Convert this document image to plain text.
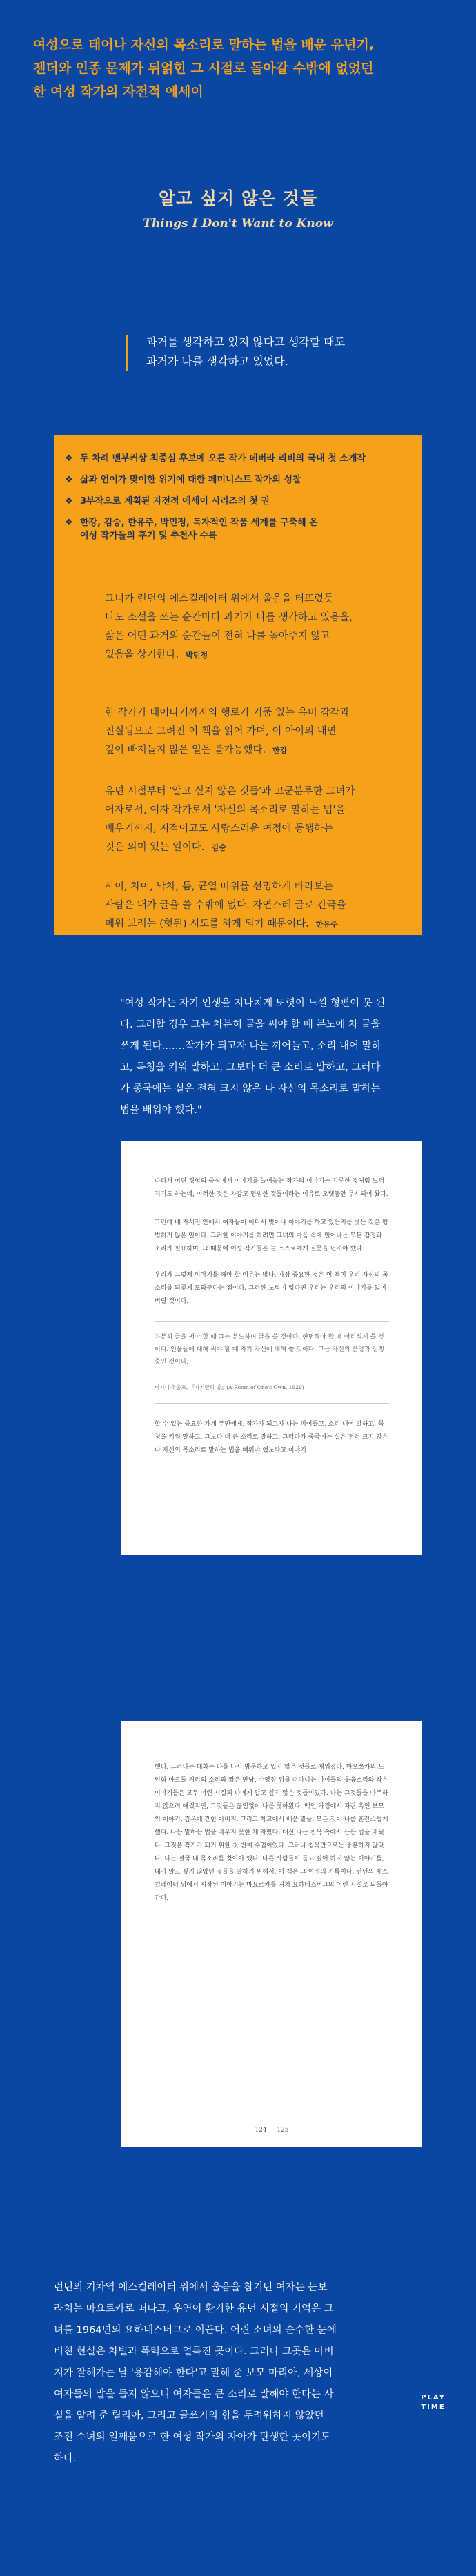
여성으로 태어나 자신의 목소리로 말하는 법을 배운 유년기,
젠더와 인종 문제가 뒤얽힌 그 시절로 돌아갈 수밖에 없었던
한 여성 작가의 자전적 에세이

알고 싶지 않은 것들
Things I Don't Want to Know

과거를 생각하고 있지 않다고 생각할 때도
과거가 나를 생각하고 있었다.

❖ 두 차례 맨부커상 최종심 후보에 오른 작가 데버라 리비의 국내 첫 소개작
❖ 삶과 언어가 맞이한 위기에 대한 페미니스트 작가의 성찰
❖ 3부작으로 계획된 자전적 에세이 시리즈의 첫 권
❖ 한강, 김승, 한유주, 박민정, 독자적인 작품 세계를 구축해 온
여성 작가들의 후기 및 추천사 수록

그녀가 런던의 에스컬레이터 위에서 울음을 터뜨렸듯
나도 소설을 쓰는 순간마다 과거가 나를 생각하고 있음을,
삶은 어떤 과거의 순간들이 전혀 나를 놓아주지 않고
있음을 상기한다. 박민정

한 작가가 태어나기까지의 행로가 기품 있는 유머 감각과
진실됨으로 그려진 이 책을 읽어 가며, 이 아이의 내면
깊이 빠져들지 않은 일은 불가능했다. 한강

유년 시절부터 '알고 싶지 않은 것들'과 고군분투한 그녀가
어자로서, 여자 작가로서 '자신의 목소리로 말하는 법'을
배우기까지, 지적이고도 사랑스러운 여정에 동행하는
것은 의미 있는 일이다. 김숨

사이, 차이, 낙차, 틈, 균열 따위를 선명하게 바라보는
사람은 내가 글을 쓸 수밖에 없다. 자연스레 글로 간극을
메워 보려는 (헛된) 시도를 하게 되기 때문이다. 한유주

"여성 작가는 자기 인생을 지나치게 또렷이 느낄 형편이 못 된
다. 그러할 경우 그는 차분히 글을 써야 할 때 분노에 차 글을
쓰게 된다.……작가가 되고자 나는 끼어들고, 소리 내어 말하
고, 목청을 키워 말하고, 그보다 더 큰 소리로 말하고, 그러다
가 종국에는 실은 전혀 크지 않은 나 자신의 목소리로 말하는
법을 배워야 했다."

따라서 어딘 경험의 중심에서 이야기를 늘어놓는 작가의 이야기는 지루한 것처럼 느껴지기도 하는데, 이러한 것은 차갑고 평범한 것들이라는 이유로 오랫동안 무시되어 왔다.

그런데 내 자서전 안에서 여자들이 어디서 벗어나 이야기를 하고 있는지를 찾는 것은 평범하지 않은 일이다. 그러한 이야기를 하려면 그녀의 마음 속에 일어나는 모든 감정과 소리가 필요하며, 그 때문에 여성 작가들은 늘 스스로에게 질문을 던져야 했다.

우리가 그렇게 이야기를 해야 할 이유는 많다. 가장 중요한 것은 이 책이 우리 자신의 목소리를 되찾게 도와준다는 점이다. 그러한 노력이 없다면 우리는 우리의 이야기를 잃어버릴 것이다.

차분히 글을 써야 할 때 그는 분노하며 글을 쓸 것이다. 현명해야 할 때 어리석게 쓸 것이다. 인물들에 대해 써야 할 때 자기 자신에 대해 쓸 것이다. 그는 자신의 운명과 전쟁 중인 것이다.

버지니아 울프, 『자기만의 방』(A Room of One's Own, 1929)

할 수 있는 중요한 가계 주민에게, 작가가 되고자 나는 끼어들고, 소리 내어 말하고, 목청을 키워 말하고, 그보다 더 큰 소리로 말하고, 그러다가 종국에는 실은 전혀 크지 않은 나 자신의 목소리로 말하는 법을 배워야 했노라고 이야기

했다. 그러나는 대화는 다를 다시 방문하고 있지 않은 것들로 채워졌다. 마오쯔카의 노인화 마크들 거리의 소리와 짧은 만남, 수영장 위를 떠다니는 아이들의 웃음소리와 작은 이야기들은 모두 어린 시절의 나에게 알고 싶지 않은 것들이었다. 나는 그것들을 마주하지 않으려 애썼지만, 그것들은 끊임없이 나를 찾아왔다. 백인 가정에서 자란 흑인 보모의 이야기, 감옥에 갇힌 아버지, 그리고 학교에서 배운 말들. 모든 것이 나를 혼란스럽게 했다. 나는 말하는 법을 배우지 못한 채 자랐다. 대신 나는 침묵 속에서 듣는 법을 배웠다. 그것은 작가가 되기 위한 첫 번째 수업이었다. 그러나 침묵만으로는 충분하지 않았다. 나는 결국 내 목소리를 찾아야 했다. 다른 사람들이 듣고 싶어 하지 않는 이야기를, 내가 알고 싶지 않았던 것들을 말하기 위해서. 이 책은 그 여정의 기록이다. 런던의 에스컬레이터 위에서 시작된 이야기는 마요르카를 거쳐 요하네스버그의 어린 시절로 되돌아간다.

124 — 125

런던의 기차역 에스컬레이터 위에서 울음을 참기던 여자는 눈보
라치는 마요르카로 떠나고, 우연이 환기한 유년 시절의 기억은 그
녀를 1964년의 요하네스버그로 이끈다. 어린 소녀의 순수한 눈에
비친 현실은 차별과 폭력으로 얼룩진 곳이다. 그러나 그곳은 아버
지가 잘해가는 날 '용감해야 한다'고 말해 준 보모 마리아, 세상이
여자들의 말을 들지 않으니 여자들은 큰 소리로 말해야 한다는 사
실을 알려 준 릴리아, 그리고 글쓰기의 힘을 두려워하지 않았던
조전 수녀의 일깨움으로 한 여성 작가의 자아가 탄생한 곳이기도
하다.

PLAY
TIME
